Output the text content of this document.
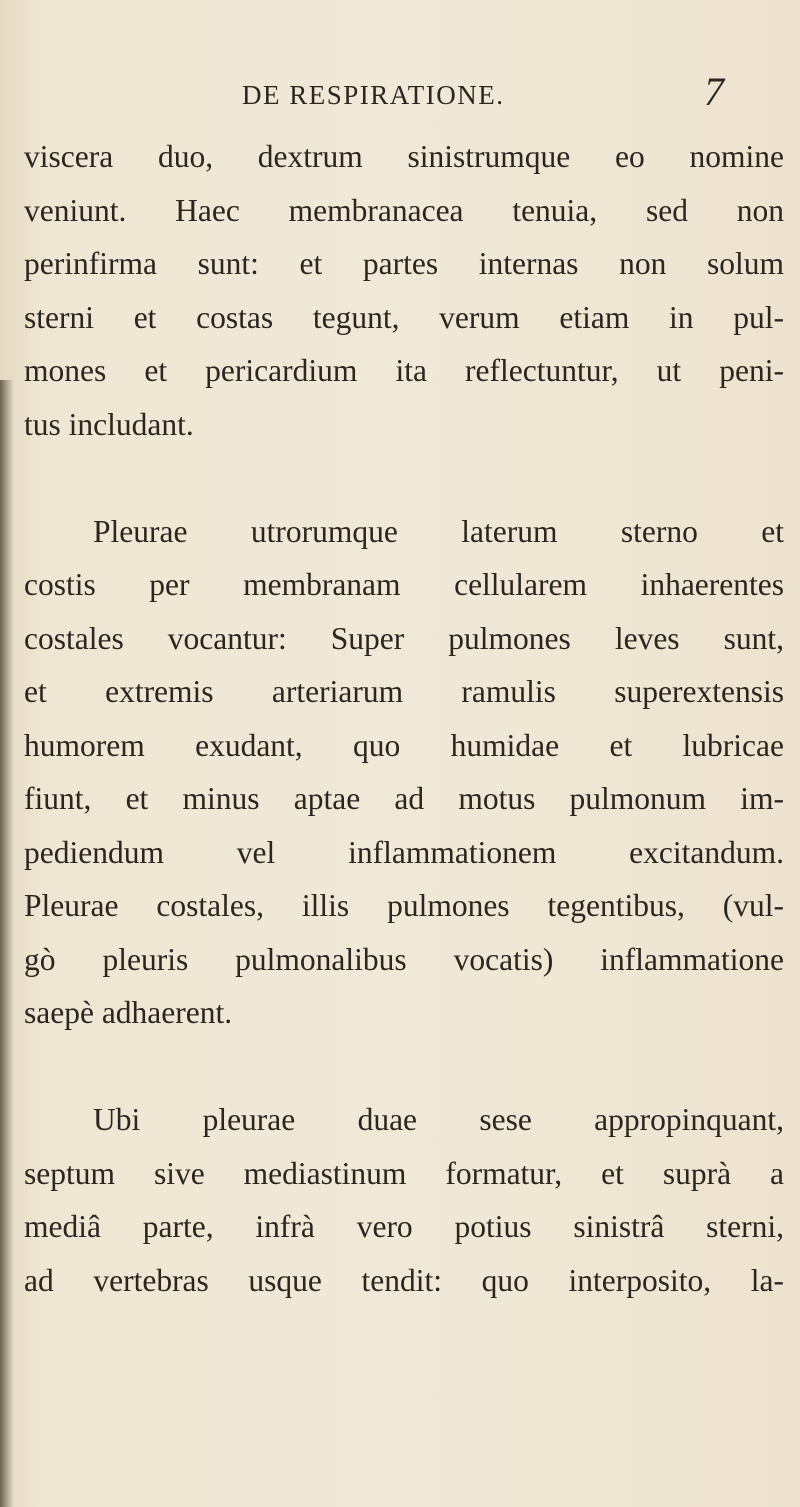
DE RESPIRATIONE.	7
viscera duo, dextrum sinistrumque eo nomine
veniunt. Haec membranacea tenuia, sed non
perinfirma sunt: et partes internas non solum
sterni et costas tegunt, verum etiam in pul-
mones et pericardium ita reflectuntur, ut peni-
tus includant.
Pleurae utrorumque laterum sterno et
costis per membranam cellularem inhaerentes
costales vocantur: Super pulmones leves sunt,
et extremis arteriarum ramulis superextensis
humorem exudant, quo humidae et lubricae
fiunt, et minus aptae ad motus pulmonum im-
pediendum vel inflammationem excitandum.
Pleurae costales, illis pulmones tegentibus, (vul-
gò pleuris pulmonalibus vocatis) inflammatione
saepè adhaerent.
Ubi pleurae duae sese appropinquant,
septum sive mediastinum formatur, et suprà a
mediâ parte, infrà vero potius sinistrâ sterni,
ad vertebras usque tendit: quo interposito, la-
